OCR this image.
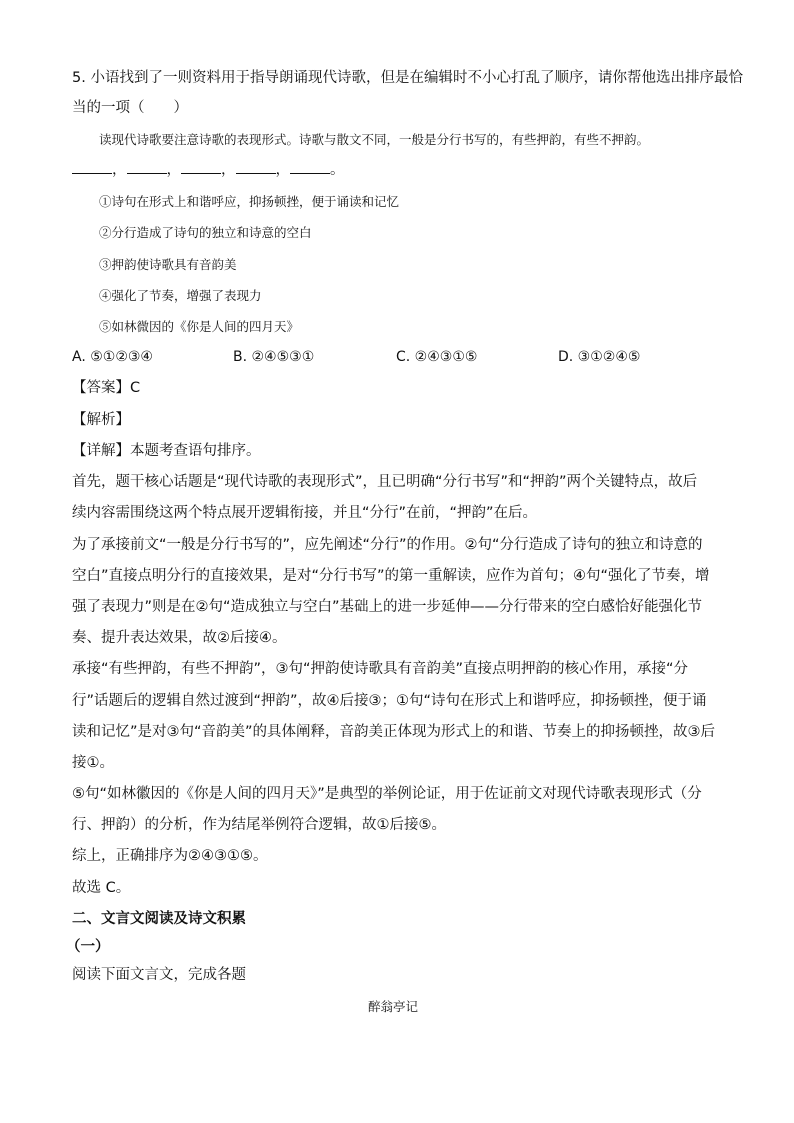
5. 小语找到了一则资料用于指导朗诵现代诗歌，但是在编辑时不小心打乱了顺序，请你帮他选出排序最恰
当的一项（　　）
读现代诗歌要注意诗歌的表现形式。诗歌与散文不同，一般是分行书写的，有些押韵，有些不押韵。
，	，	，	，	。
①诗句在形式上和谐呼应，抑扬顿挫，便于诵读和记忆
②分行造成了诗句的独立和诗意的空白
③押韵使诗歌具有音韵美
④强化了节奏，增强了表现力
⑤如林微因的《你是人间的四月天》
A. ⑤①②③④	B. ②④⑤③①	C. ②④③①⑤	D. ③①②④⑤
【答案】C
【解析】
【详解】本题考查语句排序。
首先，题干核心话题是“现代诗歌的表现形式”，且已明确“分行书写”和“押韵”两个关键特点，故后
续内容需围绕这两个特点展开逻辑衔接，并且“分行”在前，“押韵”在后。
为了承接前文“一般是分行书写的”，应先阐述“分行”的作用。②句“分行造成了诗句的独立和诗意的
空白”直接点明分行的直接效果，是对“分行书写”的第一重解读，应作为首句；④句“强化了节奏，增
强了表现力”则是在②句“造成独立与空白”基础上的进一步延伸——分行带来的空白感恰好能强化节
奏、提升表达效果，故②后接④。
承接“有些押韵，有些不押韵”，③句“押韵使诗歌具有音韵美”直接点明押韵的核心作用，承接“分
行”话题后的逻辑自然过渡到“押韵”，故④后接③；①句“诗句在形式上和谐呼应，抑扬顿挫，便于诵
读和记忆”是对③句“音韵美”的具体阐释，音韵美正体现为形式上的和谐、节奏上的抑扬顿挫，故③后
接①。
⑤句“如林徽因的《你是人间的四月天》”是典型的举例论证，用于佐证前文对现代诗歌表现形式（分
行、押韵）的分析，作为结尾举例符合逻辑，故①后接⑤。
综上，正确排序为②④③①⑤。
故选 C。
二、文言文阅读及诗文积累
（一）
阅读下面文言文，完成各题
醉翁亭记
